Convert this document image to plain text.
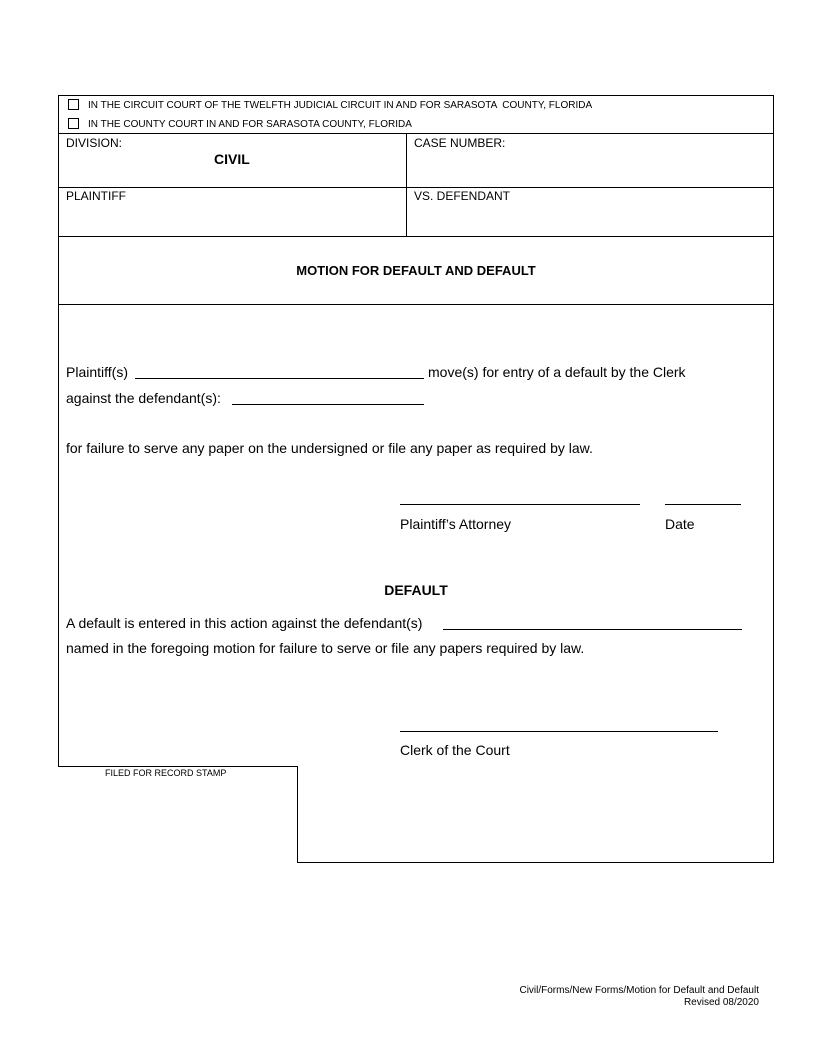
IN THE CIRCUIT COURT OF THE TWELFTH JUDICIAL CIRCUIT IN AND FOR SARASOTA  COUNTY, FLORIDA
IN THE COUNTY COURT IN AND FOR SARASOTA COUNTY, FLORIDA
DIVISION:
CIVIL
CASE NUMBER:
PLAINTIFF	VS. DEFENDANT
MOTION FOR DEFAULT AND DEFAULT
Plaintiff(s)	move(s) for entry of a default by the Clerk
against the defendant(s):
for failure to serve any paper on the undersigned or file any paper as required by law.
Plaintiff’s Attorney	Date
DEFAULT
A default is entered in this action against the defendant(s)
named in the foregoing motion for failure to serve or file any papers required by law.
Clerk of the Court
FILED FOR RECORD STAMP
Civil/Forms/New Forms/Motion for Default and Default
Revised 08/2020
